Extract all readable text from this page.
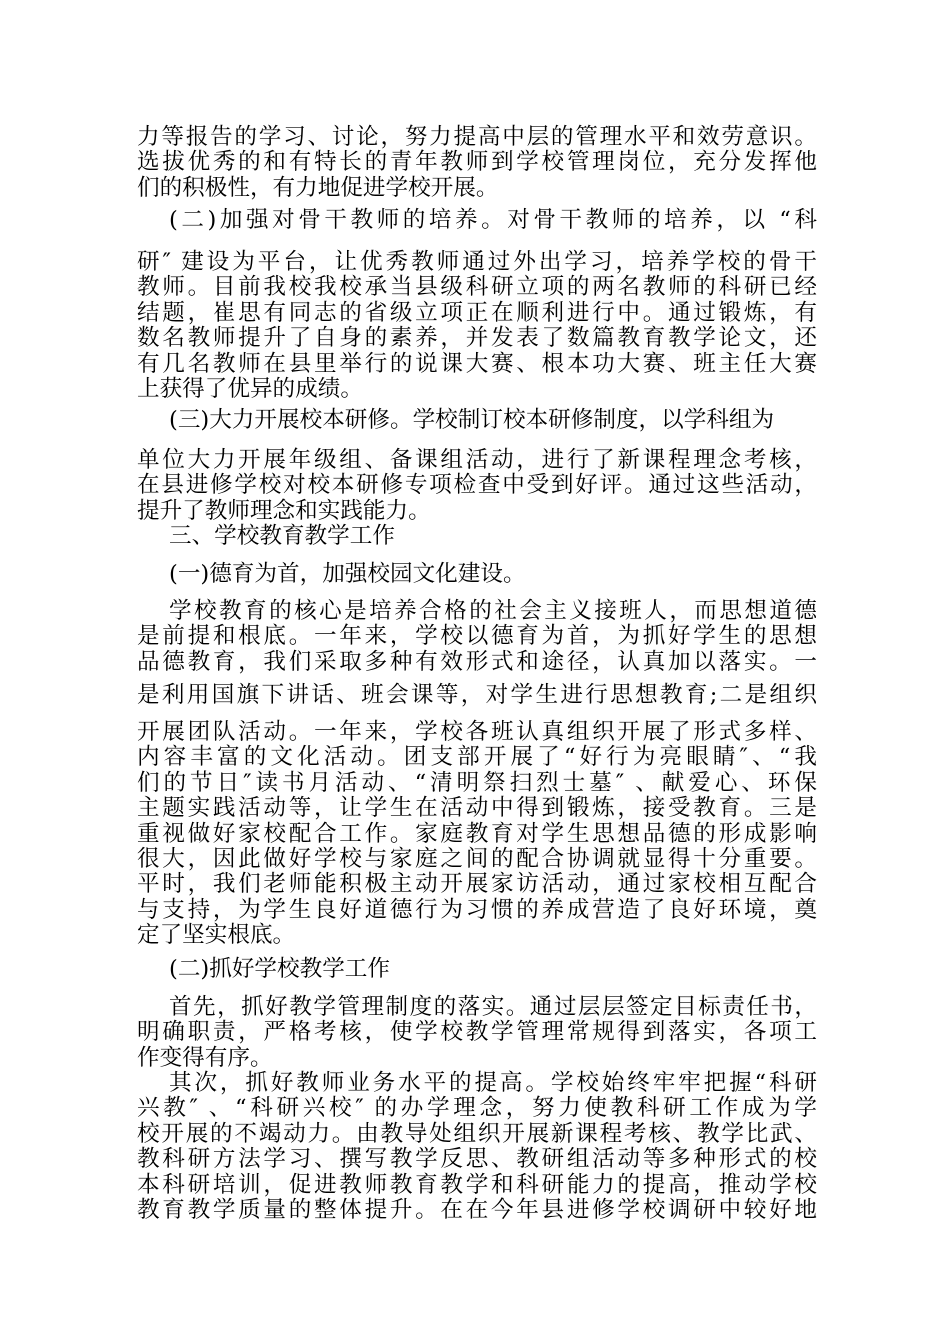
力等报告的学习、讨论，努力提高中层的管理水平和效劳意识。
选拔优秀的和有特长的青年教师到学校管理岗位，充分发挥他
们的积极性，有力地促进学校开展。
(二)加强对骨干教师的培养。对骨干教师的培养，以 “科
研″ 建设为平台，让优秀教师通过外出学习，培养学校的骨干
教师。目前我校我校承当县级科研立项的两名教师的科研已经
结题，崔思有同志的省级立项正在顺利进行中。通过锻炼，有
数名教师提升了自身的素养，并发表了数篇教育教学论文，还
有几名教师在县里举行的说课大赛、根本功大赛、班主任大赛
上获得了优异的成绩。
(三)大力开展校本研修。学校制订校本研修制度，以学科组为
单位大力开展年级组、备课组活动，进行了新课程理念考核，
在县进修学校对校本研修专项检查中受到好评。通过这些活动，
提升了教师理念和实践能力。
三、学校教育教学工作
(一)德育为首，加强校园文化建设。
学校教育的核心是培养合格的社会主义接班人，而思想道德
是前提和根底。一年来，学校以德育为首，为抓好学生的思想
品德教育，我们采取多种有效形式和途径，认真加以落实。一
是利用国旗下讲话、班会课等，对学生进行思想教育;二是组织
开展团队活动。一年来，学校各班认真组织开展了形式多样、
内容丰富的文化活动。团支部开展了“好行为亮眼睛″、“我
们的节日″读书月活动、“清明祭扫烈士墓″ 、献爱心、环保
主题实践活动等，让学生在活动中得到锻炼，接受教育。三是
重视做好家校配合工作。家庭教育对学生思想品德的形成影响
很大，因此做好学校与家庭之间的配合协调就显得十分重要。
平时，我们老师能积极主动开展家访活动，通过家校相互配合
与支持，为学生良好道德行为习惯的养成营造了良好环境，奠
定了坚实根底。
(二)抓好学校教学工作
首先，抓好教学管理制度的落实。通过层层签定目标责任书，
明确职责，严格考核，使学校教学管理常规得到落实，各项工
作变得有序。
其次，抓好教师业务水平的提高。学校始终牢牢把握“科研
兴教″ 、“科研兴校″ 的办学理念，努力使教科研工作成为学
校开展的不竭动力。由教导处组织开展新课程考核、教学比武、
教科研方法学习、撰写教学反思、教研组活动等多种形式的校
本科研培训，促进教师教育教学和科研能力的提高，推动学校
教育教学质量的整体提升。在在今年县进修学校调研中较好地
